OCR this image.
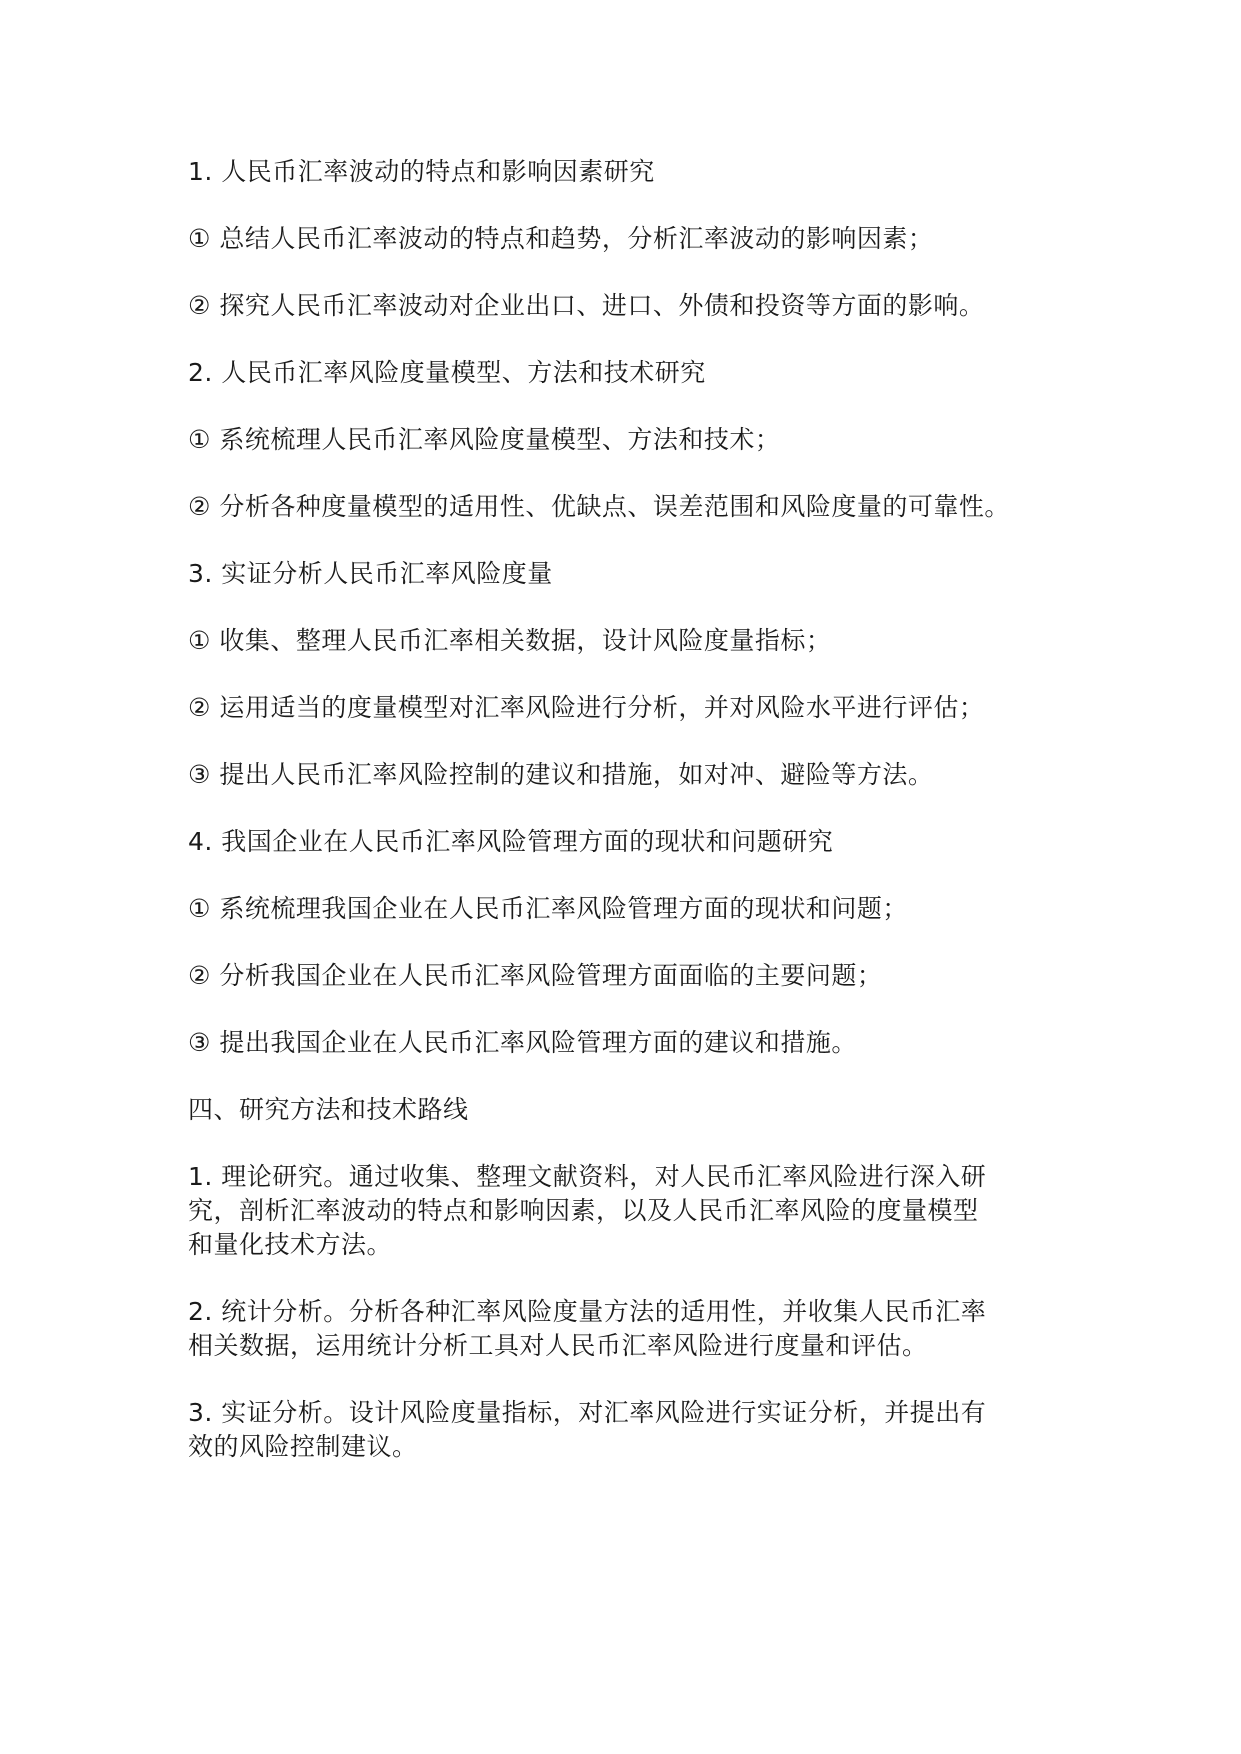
1. 人民币汇率波动的特点和影响因素研究
① 总结人民币汇率波动的特点和趋势，分析汇率波动的影响因素；
② 探究人民币汇率波动对企业出口、进口、外债和投资等方面的影响。
2. 人民币汇率风险度量模型、方法和技术研究
① 系统梳理人民币汇率风险度量模型、方法和技术；
② 分析各种度量模型的适用性、优缺点、误差范围和风险度量的可靠性。
3. 实证分析人民币汇率风险度量
① 收集、整理人民币汇率相关数据，设计风险度量指标；
② 运用适当的度量模型对汇率风险进行分析，并对风险水平进行评估；
③ 提出人民币汇率风险控制的建议和措施，如对冲、避险等方法。
4. 我国企业在人民币汇率风险管理方面的现状和问题研究
① 系统梳理我国企业在人民币汇率风险管理方面的现状和问题；
② 分析我国企业在人民币汇率风险管理方面面临的主要问题；
③ 提出我国企业在人民币汇率风险管理方面的建议和措施。
四、研究方法和技术路线
1. 理论研究。通过收集、整理文献资料，对人民币汇率风险进行深入研
究，剖析汇率波动的特点和影响因素，以及人民币汇率风险的度量模型
和量化技术方法。
2. 统计分析。分析各种汇率风险度量方法的适用性，并收集人民币汇率
相关数据，运用统计分析工具对人民币汇率风险进行度量和评估。
3. 实证分析。设计风险度量指标，对汇率风险进行实证分析，并提出有
效的风险控制建议。
